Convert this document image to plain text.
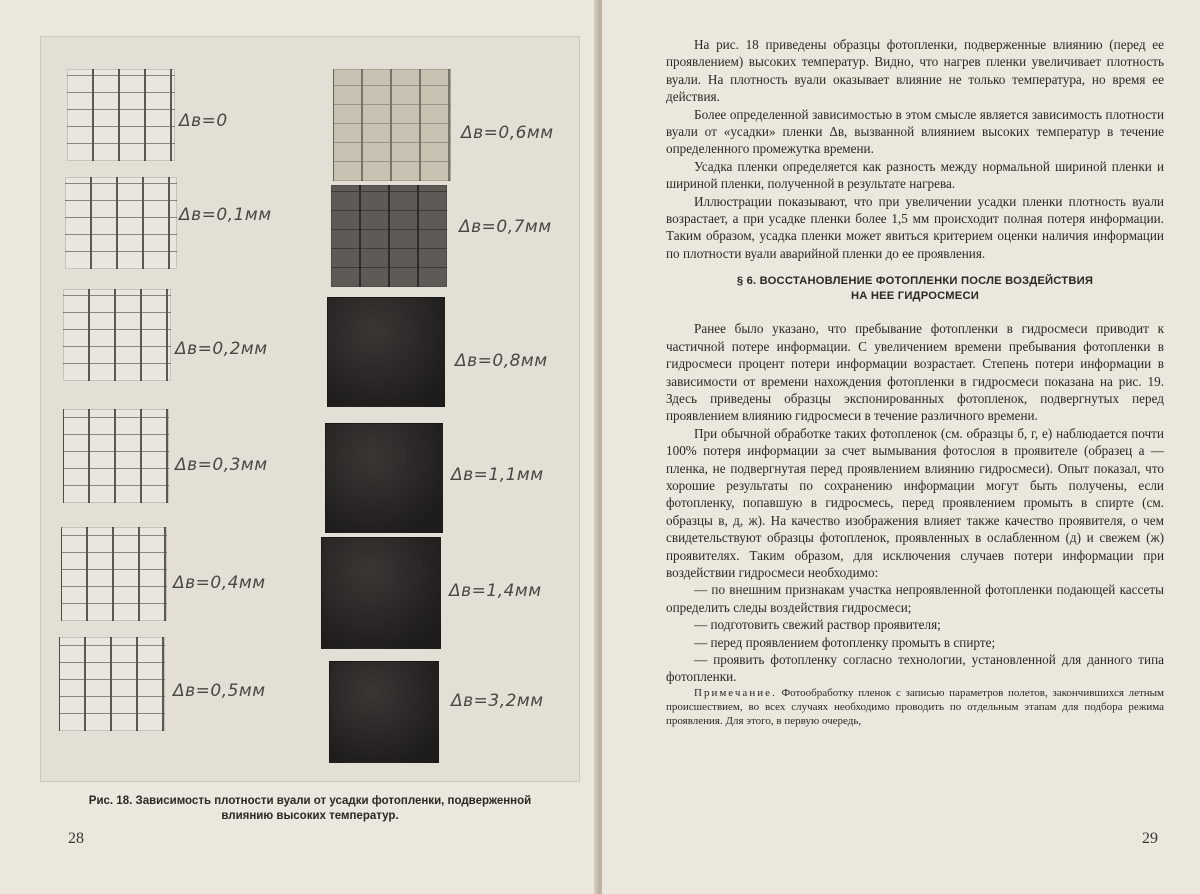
Δв=0
Δв=0,1мм
Δв=0,2мм
Δв=0,3мм
Δв=0,4мм
Δв=0,5мм
Δв=0,6мм
Δв=0,7мм
Δв=0,8мм
Δв=1,1мм
Δв=1,4мм
Δв=3,2мм
Рис. 18. Зависимость плотности вуали от усадки фотопленки, подверженной
влиянию высоких температур.
28

На рис. 18 приведены образцы фотопленки, подверженные влиянию (перед ее проявлением) высоких температур. Видно, что нагрев пленки увеличивает плотность вуали. На плотность вуали оказывает влияние не только температура, но время ее действия.

Более определенной зависимостью в этом смысле является зависимость плотности вуали от «усадки» пленки Δв, вызванной влиянием высоких температур в течение определенного промежутка времени.

Усадка пленки определяется как разность между нормальной шириной пленки и шириной пленки, полученной в результате нагрева.

Иллюстрации показывают, что при увеличении усадки пленки плотность вуали возрастает, а при усадке пленки более 1,5 мм происходит полная потеря информации. Таким образом, усадка пленки может явиться критерием оценки наличия информации по плотности вуали аварийной пленки до ее проявления.

§ 6. ВОССТАНОВЛЕНИЕ ФОТОПЛЕНКИ ПОСЛЕ ВОЗДЕЙСТВИЯ
НА НЕЕ ГИДРОСМЕСИ

Ранее было указано, что пребывание фотопленки в гидросмеси приводит к частичной потере информации. С увеличением времени пребывания фотопленки в гидросмеси процент потери информации возрастает. Степень потери информации в зависимости от времени нахождения фотопленки в гидросмеси показана на рис. 19. Здесь приведены образцы экспонированных фотопленок, подвергнутых перед проявлением влиянию гидросмеси в течение различного времени.

При обычной обработке таких фотопленок (см. образцы б, г, е) наблюдается почти 100% потеря информации за счет вымывания фотослоя в проявителе (образец а — пленка, не подвергнутая перед проявлением влиянию гидросмеси). Опыт показал, что хорошие результаты по сохранению информации могут быть получены, если фотопленку, попавшую в гидросмесь, перед проявлением промыть в спирте (см. образцы в, д, ж). На качество изображения влияет также качество проявителя, о чем свидетельствуют образцы фотопленок, проявленных в ослабленном (д) и свежем (ж) проявителях. Таким образом, для исключения случаев потери информации при воздействии гидросмеси необходимо:

— по внешним признакам участка непроявленной фотопленки подающей кассеты определить следы воздействия гидросмеси;

— подготовить свежий раствор проявителя;

— перед проявлением фотопленку промыть в спирте;

— проявить фотопленку согласно технологии, установленной для данного типа фотопленки.

Примечание. Фотообработку пленок с записью параметров полетов, закончившихся летным происшествием, во всех случаях необходимо проводить по отдельным этапам для подбора режима проявления. Для этого, в первую очередь,

29
